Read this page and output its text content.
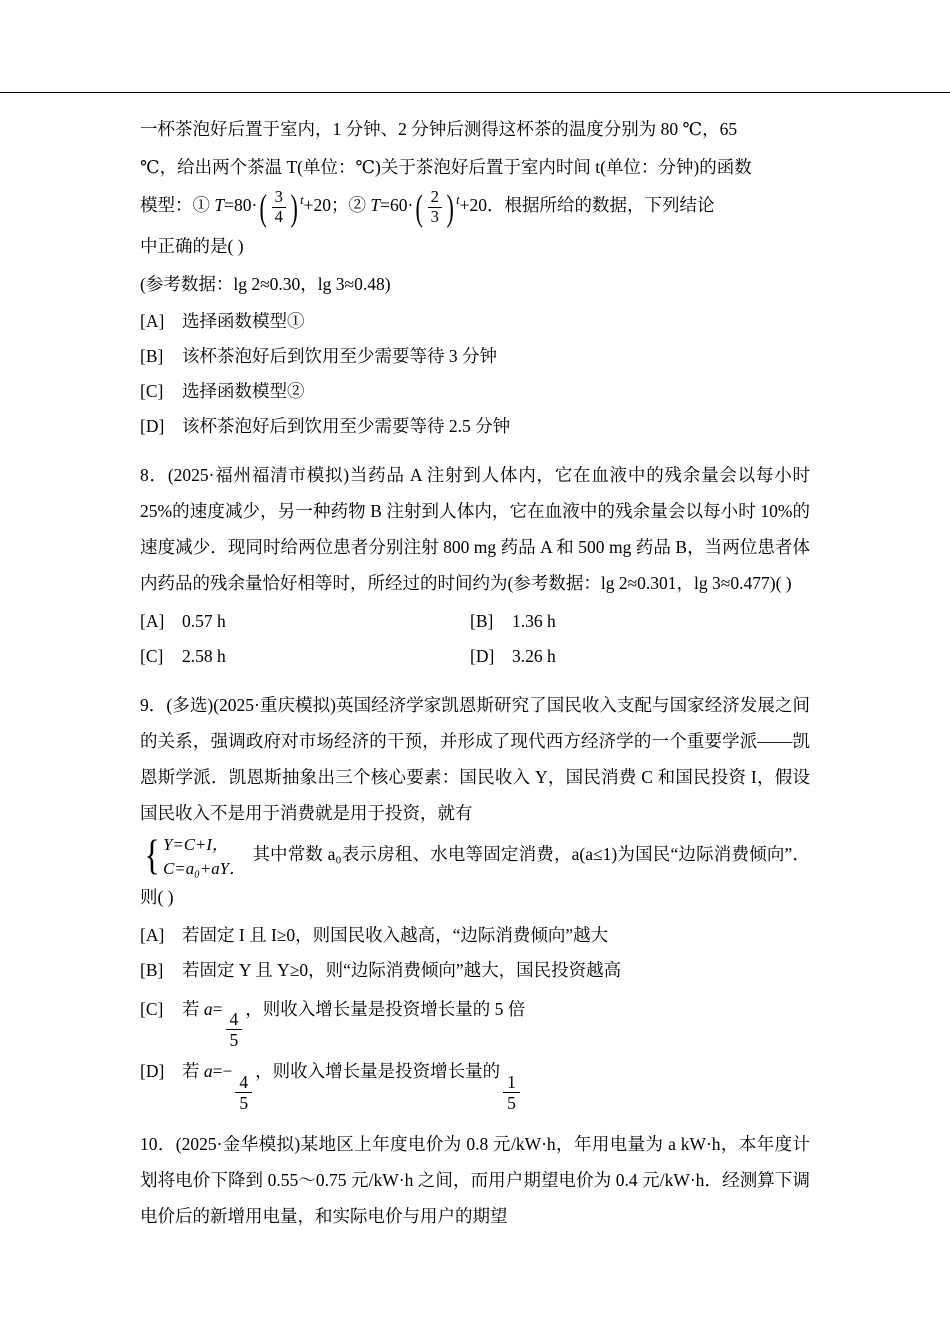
一杯茶泡好后置于室内，1 分钟、2 分钟后测得这杯茶的温度分别为 80 ℃，65

℃，给出两个茶温 T(单位：℃)关于茶泡好后置于室内时间 t(单位：分钟)的函数

模型：① T=80· ( $\frac{3}{4}$ ) $^t$+20；② T=60· ( $\frac{2}{3}$ ) $^t$+20．根据所给的数据，下列结论

中正确的是( )

(参考数据：lg 2≈0.30，lg 3≈0.48)

[A]	选择函数模型①
[B]	该杯茶泡好后到饮用至少需要等待 3 分钟
[C]	选择函数模型②
[D]	该杯茶泡好后到饮用至少需要等待 2.5 分钟

8．(2025·福州福清市模拟)当药品 A 注射到人体内，它在血液中的残余量会以每小时 25%的速度减少，另一种药物 B 注射到人体内，它在血液中的残余量会以每小时 10%的速度减少．现同时给两位患者分别注射 800 mg 药品 A 和 500 mg 药品 B，当两位患者体内药品的残余量恰好相等时，所经过的时间约为(参考数据：lg 2≈0.301，lg 3≈0.477)( )

[A]	0.57 h	[B]	1.36 h
[C]	2.58 h	[D]	3.26 h

9．(多选)(2025·重庆模拟)英国经济学家凯恩斯研究了国民收入支配与国家经济发展之间的关系，强调政府对市场经济的干预，并形成了现代西方经济学的一个重要学派——凯恩斯学派．凯恩斯抽象出三个核心要素：国民收入 Y，国民消费 C 和国民投资 I，假设国民收入不是用于消费就是用于投资，就有

{ Y=C+I，
C=a₀+aY．
其中常数 a₀表示房租、水电等固定消费，a(a≤1)为国民“边际消费倾向”．则( )

[A]	若固定 I 且 I≥0，则国民收入越高，“边际消费倾向”越大
[B]	若固定 Y 且 Y≥0，则“边际消费倾向”越大，国民投资越高
[C]	若 a=
$\frac{4}{5}$
，则收入增长量是投资增长量的 5 倍
[D]	若 a=−
$\frac{4}{5}$
，则收入增长量是投资增长量的
$\frac{1}{5}$

10．(2025·金华模拟)某地区上年度电价为 0.8 元/kW·h，年用电量为 a kW·h，本年度计划将电价下降到 0.55～0.75 元/kW·h 之间，而用户期望电价为 0.4 元/kW·h．经测算下调电价后的新增用电量，和实际电价与用户的期望
